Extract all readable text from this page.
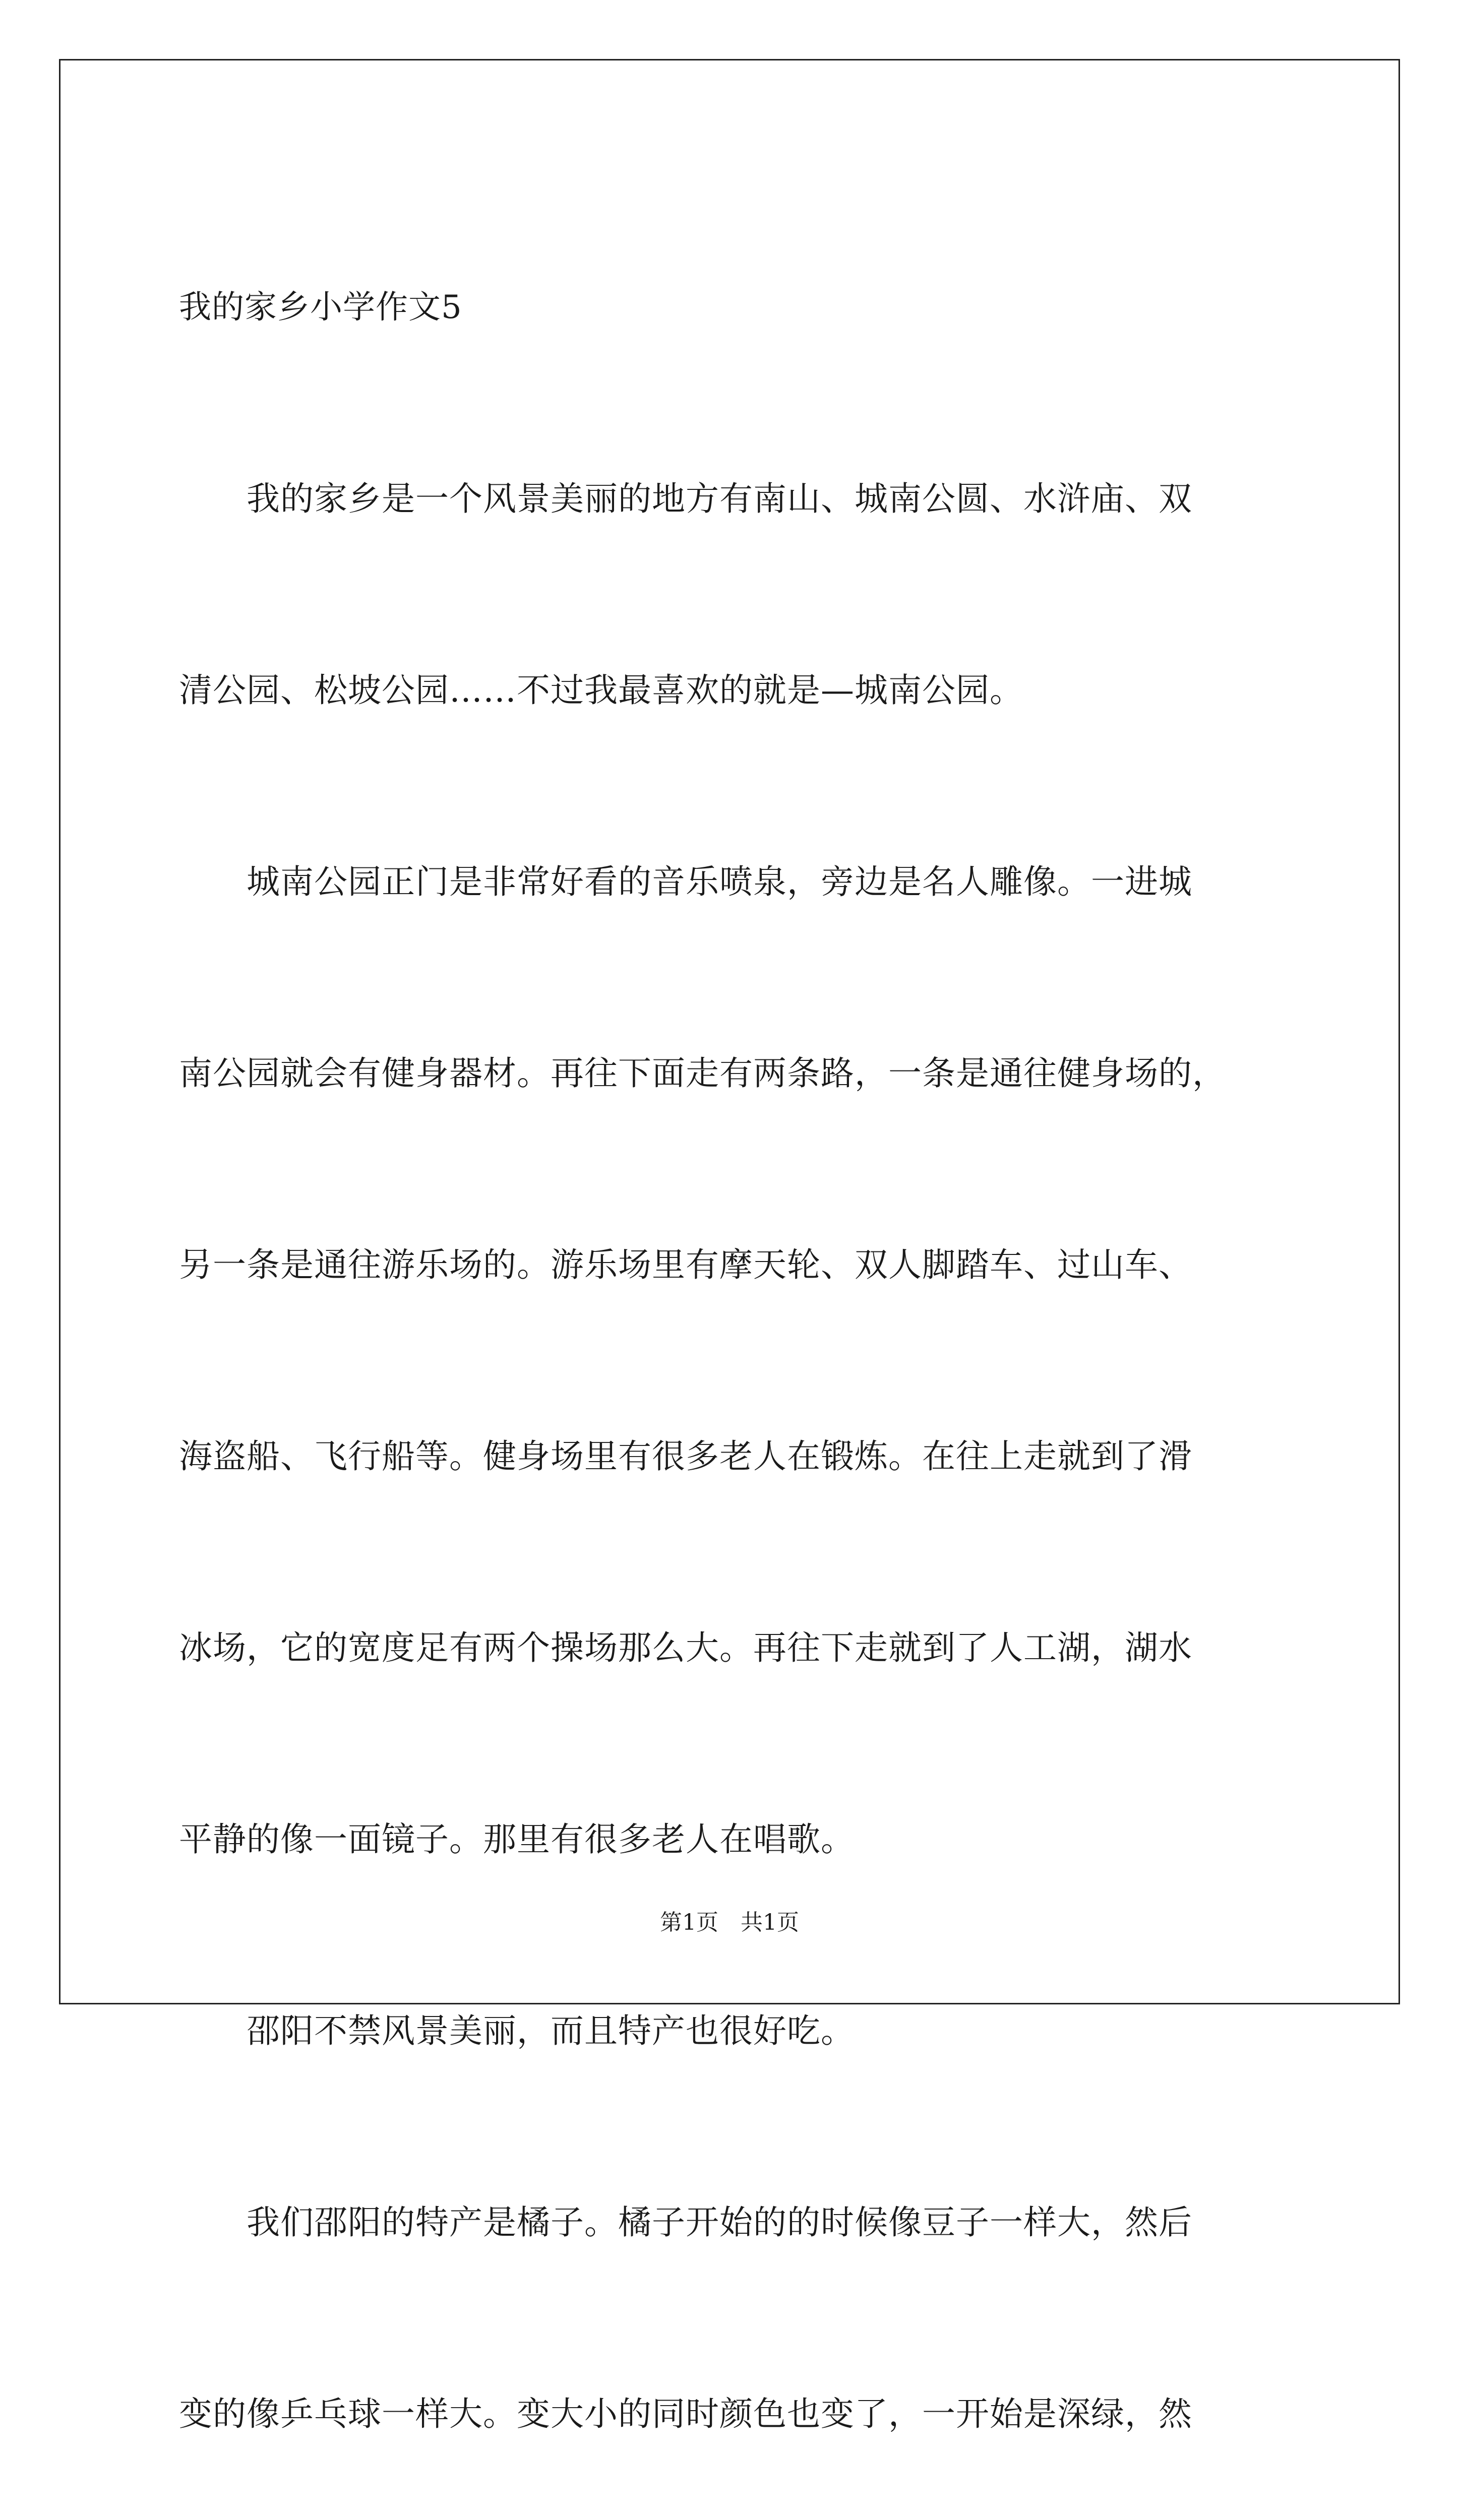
我的家乡小学作文5

　　我的家乡是一个风景美丽的地方有南山、城南公圆、水浒庙、双

清公园、松坡公园……不过我最喜欢的就是—城南公园。

　　城南公园正门是非常好看的音乐喷泉，旁边是名人雕像。一进城

南公园就会有健身器材。再往下面走有两条路，一条是通往健身场的，

另一条是通往游乐场的。游乐场里有摩天轮、双人脚踏车、过山车、

海盗船、飞行船等。健身场里有很多老人在锻炼。在往上走就到了滑

冰场，它的宽度足有两个操场那么大。再往下走就到了人工湖，湖水

平静的像一面镜子。那里有很多老人在唱歌。

　　邵阳不禁风景美丽，而且特产也很好吃。

　　我们邵阳的特产是橘子。橘子开始的的时候像豆子一样大，然后

变的像乒乓球一样大。变大小的同时颜色也变了，一开始是深绿，然

第1页　共1页
